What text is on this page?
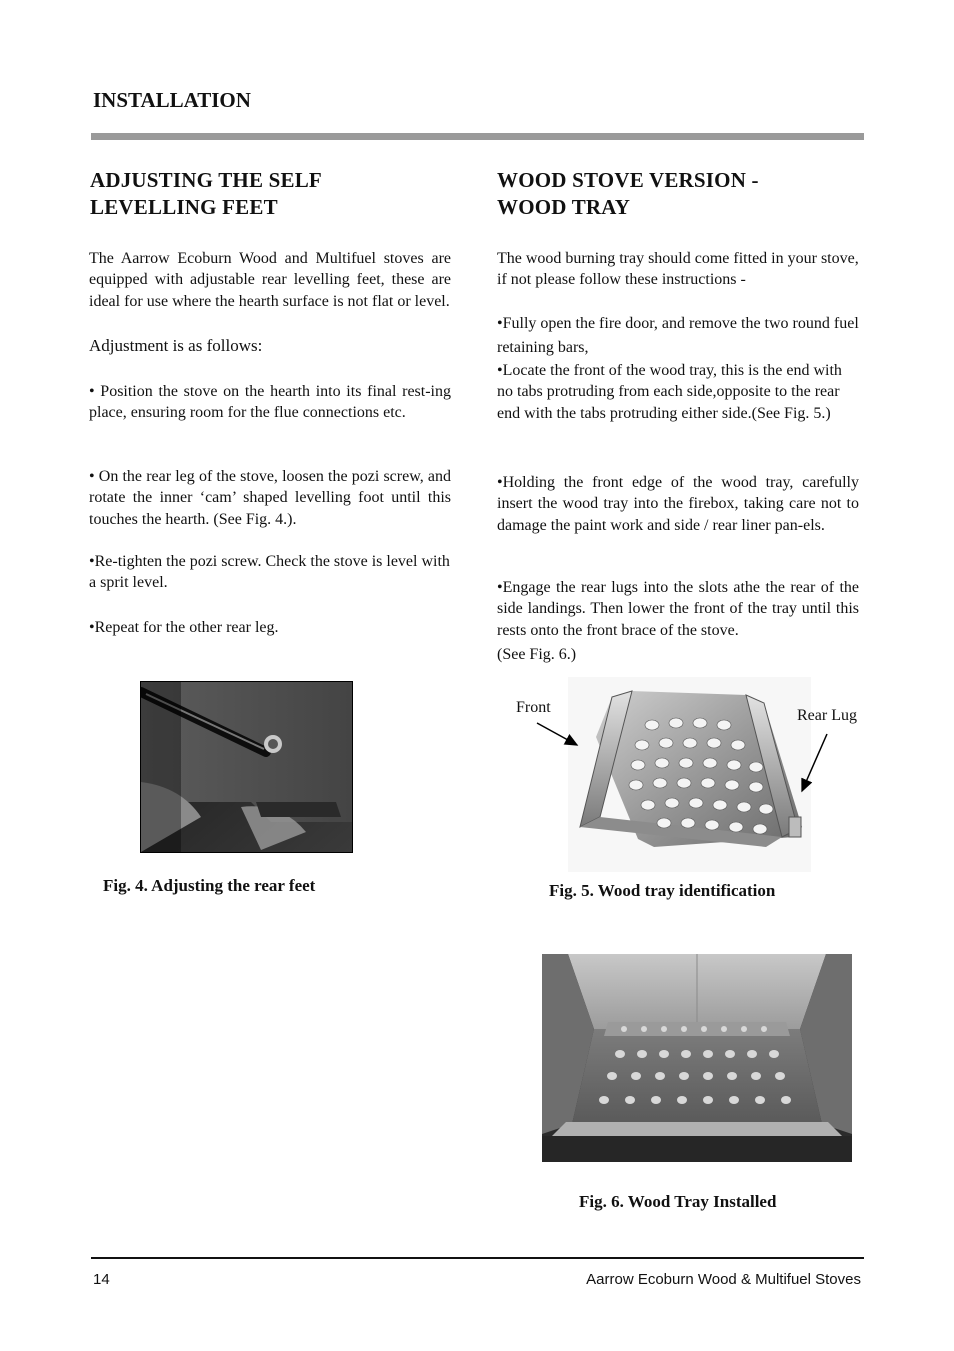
INSTALLATION
ADJUSTING THE SELF
LEVELLING FEET

The Aarrow Ecoburn Wood and Multifuel stoves are equipped with adjustable rear levelling feet, these are ideal for use where the hearth surface is not flat or level.

Adjustment is as follows:

• Position the stove on the hearth into its final rest-ing place, ensuring room for the flue connections etc.

• On the rear leg of the stove, loosen the pozi screw, and rotate the inner ‘cam’ shaped levelling foot until this touches the hearth. (See Fig. 4.).

•Re-tighten the pozi screw. Check the stove is level with a sprit level.

•Repeat for the other rear leg.

Fig. 4. Adjusting the rear feet
WOOD STOVE VERSION -
WOOD TRAY

The wood burning tray should come fitted in your stove, if not please follow these instructions -

•Fully open the fire door, and remove the two round fuel retaining bars,

•Locate the front of the wood tray, this is the end with no tabs protruding from each side,opposite to the rear end with the tabs protruding either side.(See Fig. 5.)

•Holding the front edge of the wood tray, carefully insert the wood tray into the firebox, taking care not to damage the paint work and side / rear liner pan-els.

•Engage the rear lugs into the slots athe the rear of the side landings. Then lower the front of the tray until this rests onto the front brace of the stove.

(See Fig. 6.)

Front	Rear Lug
Fig. 5. Wood tray identification
Fig. 6. Wood Tray Installed
14	Aarrow Ecoburn Wood & Multifuel Stoves
